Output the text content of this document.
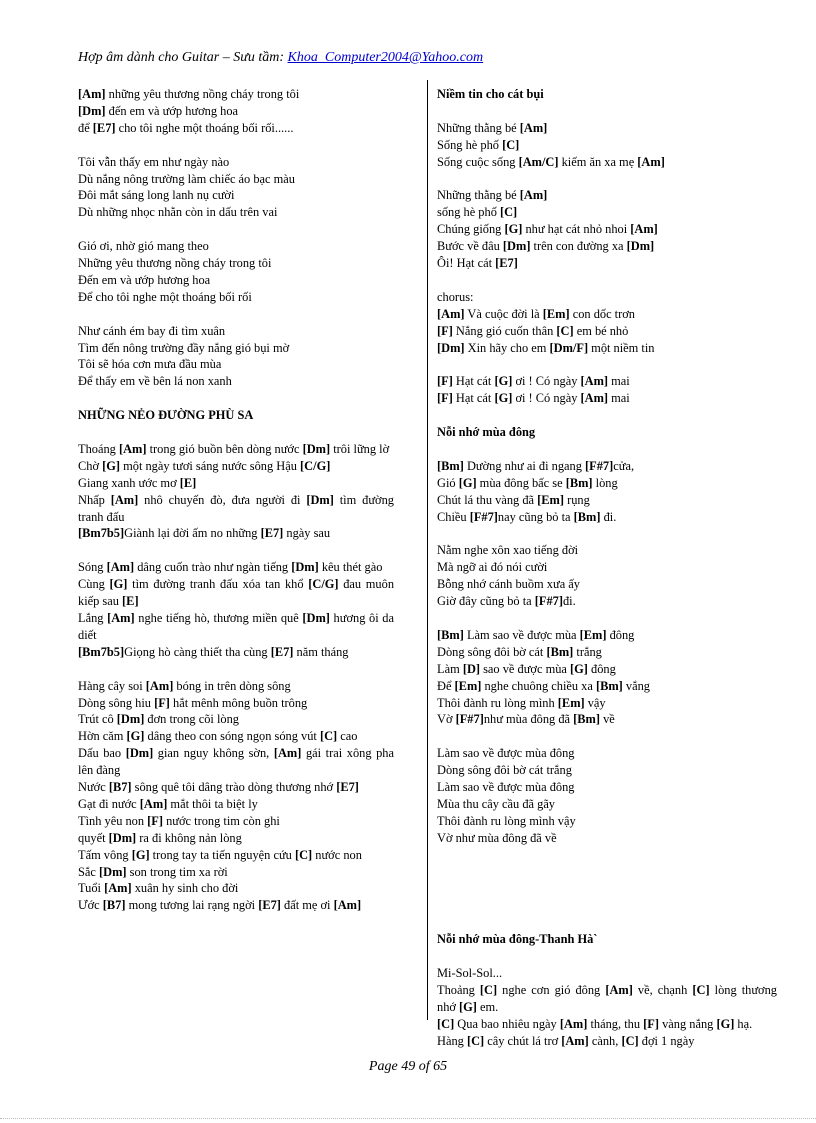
Hợp âm dành cho Guitar – Sưu tầm: Khoa_Computer2004@Yahoo.com
[Am] những yêu thương nồng cháy trong tôi
[Dm] đến em và ướp hương hoa
để [E7] cho tôi nghe một thoáng bối rối......
Tôi vẫn thấy em như ngày nào
Dù nắng nông trường làm chiếc áo bạc màu
Đôi mắt sáng long lanh nụ cười
Dù những nhọc nhằn còn in dấu trên vai
Gió ơi, nhờ gió mang theo
Những yêu thương nồng cháy trong tôi
Đến em và ướp hương hoa
Để cho tôi nghe một thoáng bối rối
Như cánh ém bay đi tìm xuân
Tìm đến nông trường đầy nắng gió bụi mờ
Tôi sẽ hóa cơn mưa đầu mùa
Để thấy em về bên lá non xanh
NHỮNG NẺO ĐƯỜNG PHÙ SA
Thoáng [Am] trong gió buồn bên dòng nước [Dm] trôi lững lờ
Chờ [G] một ngày tươi sáng nước sông Hậu [C/G]
Giang xanh ước mơ [E]
Nhấp [Am] nhô chuyến đò, đưa người đi [Dm] tìm đường tranh đấu
[Bm7b5]Giành lại đời ấm no những [E7] ngày sau
Sóng [Am] dâng cuốn trào như ngàn tiếng [Dm] kêu thét gào
Cùng [G] tìm đường tranh đấu xóa tan khổ [C/G] đau muôn kiếp sau [E]
Lắng [Am] nghe tiếng hò, thương miền quê [Dm] hương ôi da diết
[Bm7b5]Giọng hò càng thiết tha cùng [E7] năm tháng
Hàng cây soi [Am] bóng in trên dòng sông
Dòng sông hiu [F] hắt mênh mông buồn trông
Trút cô [Dm] đơn trong cõi lòng
Hờn căm [G] dâng theo con sóng ngọn sóng vút [C] cao
Dấu bao [Dm] gian nguy không sờn, [Am] gái trai xông pha lên đàng
Nước [B7] sông quê tôi dâng trào dòng thương nhớ [E7]
Gạt đi nước [Am] mắt thôi ta biệt ly
Tình yêu non [F] nước trong tim còn ghi
quyết [Dm] ra đi không nản lòng
Tấm vông [G] trong tay ta tiến nguyện cứu [C] nước non
Sắc [Dm] son trong tim xa rời
Tuổi [Am] xuân hy sinh cho đời
Ước [B7] mong tương lai rạng ngời [E7] đất mẹ ơi [Am]
Niềm tin cho cát bụi
Những thằng bé [Am]
Sống hè phố [C]
Sống cuộc sống [Am/C] kiếm ăn xa mẹ [Am]
Những thằng bé [Am]
sống hè phố [C]
Chúng giống [G] như hạt cát nhỏ nhoi [Am]
Bước về đâu [Dm] trên con đường xa [Dm]
Ôi! Hạt cát [E7]
chorus:
[Am] Và cuộc đời là [Em] con dốc trơn
[F] Nắng gió cuốn thân [C] em bé nhỏ
[Dm] Xin hãy cho em [Dm/F] một niềm tin
[F] Hạt cát [G] ơi ! Có ngày [Am] mai
[F] Hạt cát [G] ơi ! Có ngày [Am] mai
Nỗi nhớ mùa đông
[Bm] Dường như ai đi ngang [F#7]cửa,
Gió [G] mùa đông bấc se [Bm] lòng
Chút lá thu vàng đã [Em] rụng
Chiều [F#7]nay cũng bỏ ta [Bm] đi.
Nằm nghe xôn xao tiếng đời
Mà ngỡ ai đó nói cười
Bỗng nhớ cánh buồm xưa ấy
Giờ đây cũng bỏ ta [F#7]đi.
[Bm] Làm sao về được mùa [Em] đông
Dòng sông đôi bờ cát [Bm] trắng
Làm [D] sao về được mùa [G] đông
Để [Em] nghe chuông chiều xa [Bm] vắng
Thôi đành ru lòng mình [Em] vậy
Vờ [F#7]như mùa đông đã [Bm] về
Làm sao về được mùa đông
Dòng sông đôi bờ cát trắng
Làm sao về được mùa đông
Mùa thu cây cầu đã gãy
Thôi đành ru lòng mình vậy
Vờ như mùa đông đã về
Nỗi nhớ mùa đông-Thanh Hà`
Mi-Sol-Sol...
Thoảng [C] nghe cơn gió đông [Am] về, chạnh [C] lòng thương nhớ [G] em.
[C] Qua bao nhiêu ngày [Am] tháng, thu [F] vàng nắng [G] hạ.
Hàng [C] cây chút lá trơ [Am] cành, [C] đợi 1 ngày
Page 49 of 65
